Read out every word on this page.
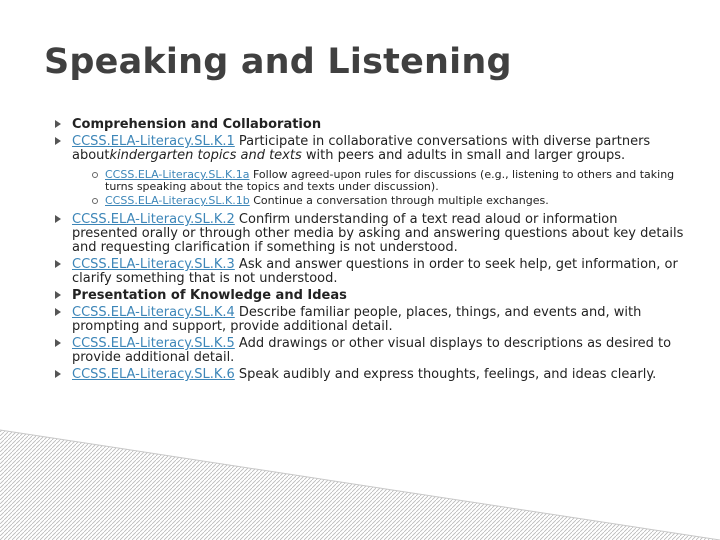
Speaking and Listening
Comprehension and Collaboration
CCSS.ELA-Literacy.SL.K.1 Participate in collaborative conversations with diverse partners aboutkindergarten topics and texts with peers and adults in small and larger groups.
CCSS.ELA-Literacy.SL.K.1a Follow agreed-upon rules for discussions (e.g., listening to others and taking turns speaking about the topics and texts under discussion).
CCSS.ELA-Literacy.SL.K.1b Continue a conversation through multiple exchanges.
CCSS.ELA-Literacy.SL.K.2 Confirm understanding of a text read aloud or information presented orally or through other media by asking and answering questions about key details and requesting clarification if something is not understood.
CCSS.ELA-Literacy.SL.K.3 Ask and answer questions in order to seek help, get information, or clarify something that is not understood.
Presentation of Knowledge and Ideas
CCSS.ELA-Literacy.SL.K.4 Describe familiar people, places, things, and events and, with prompting and support, provide additional detail.
CCSS.ELA-Literacy.SL.K.5 Add drawings or other visual displays to descriptions as desired to provide additional detail.
CCSS.ELA-Literacy.SL.K.6 Speak audibly and express thoughts, feelings, and ideas clearly.
